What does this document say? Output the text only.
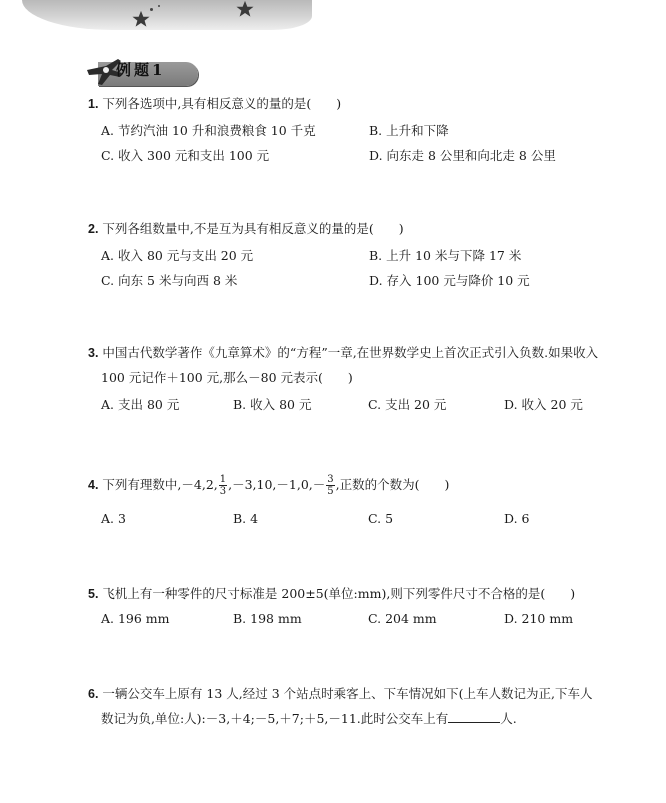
例题1
1. 下列各选项中,具有相反意义的量的是(　　)
A. 节约汽油 10 升和浪费粮食 10 千克	B. 上升和下降
C. 收入 300 元和支出 100 元	D. 向东走 8 公里和向北走 8 公里
2. 下列各组数量中,不是互为具有相反意义的量的是(　　)
A. 收入 80 元与支出 20 元	B. 上升 10 米与下降 17 米
C. 向东 5 米与向西 8 米	D. 存入 100 元与降价 10 元
3. 中国古代数学著作《九章算术》的“方程”一章,在世界数学史上首次正式引入负数.如果收入
100 元记作＋100 元,那么－80 元表示(　　)
A. 支出 80 元	B. 收入 80 元	C. 支出 20 元	D. 收入 20 元
4. 下列有理数中,－4,2, $\frac{1}{3} ,-3,10,-1,0,- \frac{3}{5}$ ,正数的个数为(　　)
A. 3	B. 4	C. 5	D. 6
5. 飞机上有一种零件的尺寸标准是 200±5(单位:mm),则下列零件尺寸不合格的是(　　)
A. 196 mm	B. 198 mm	C. 204 mm	D. 210 mm
6. 一辆公交车上原有 13 人,经过 3 个站点时乘客上、下车情况如下(上车人数记为正,下车人
数记为负,单位:人):－3,＋4;－5,＋7;＋5,－11.此时公交车上有	人.
